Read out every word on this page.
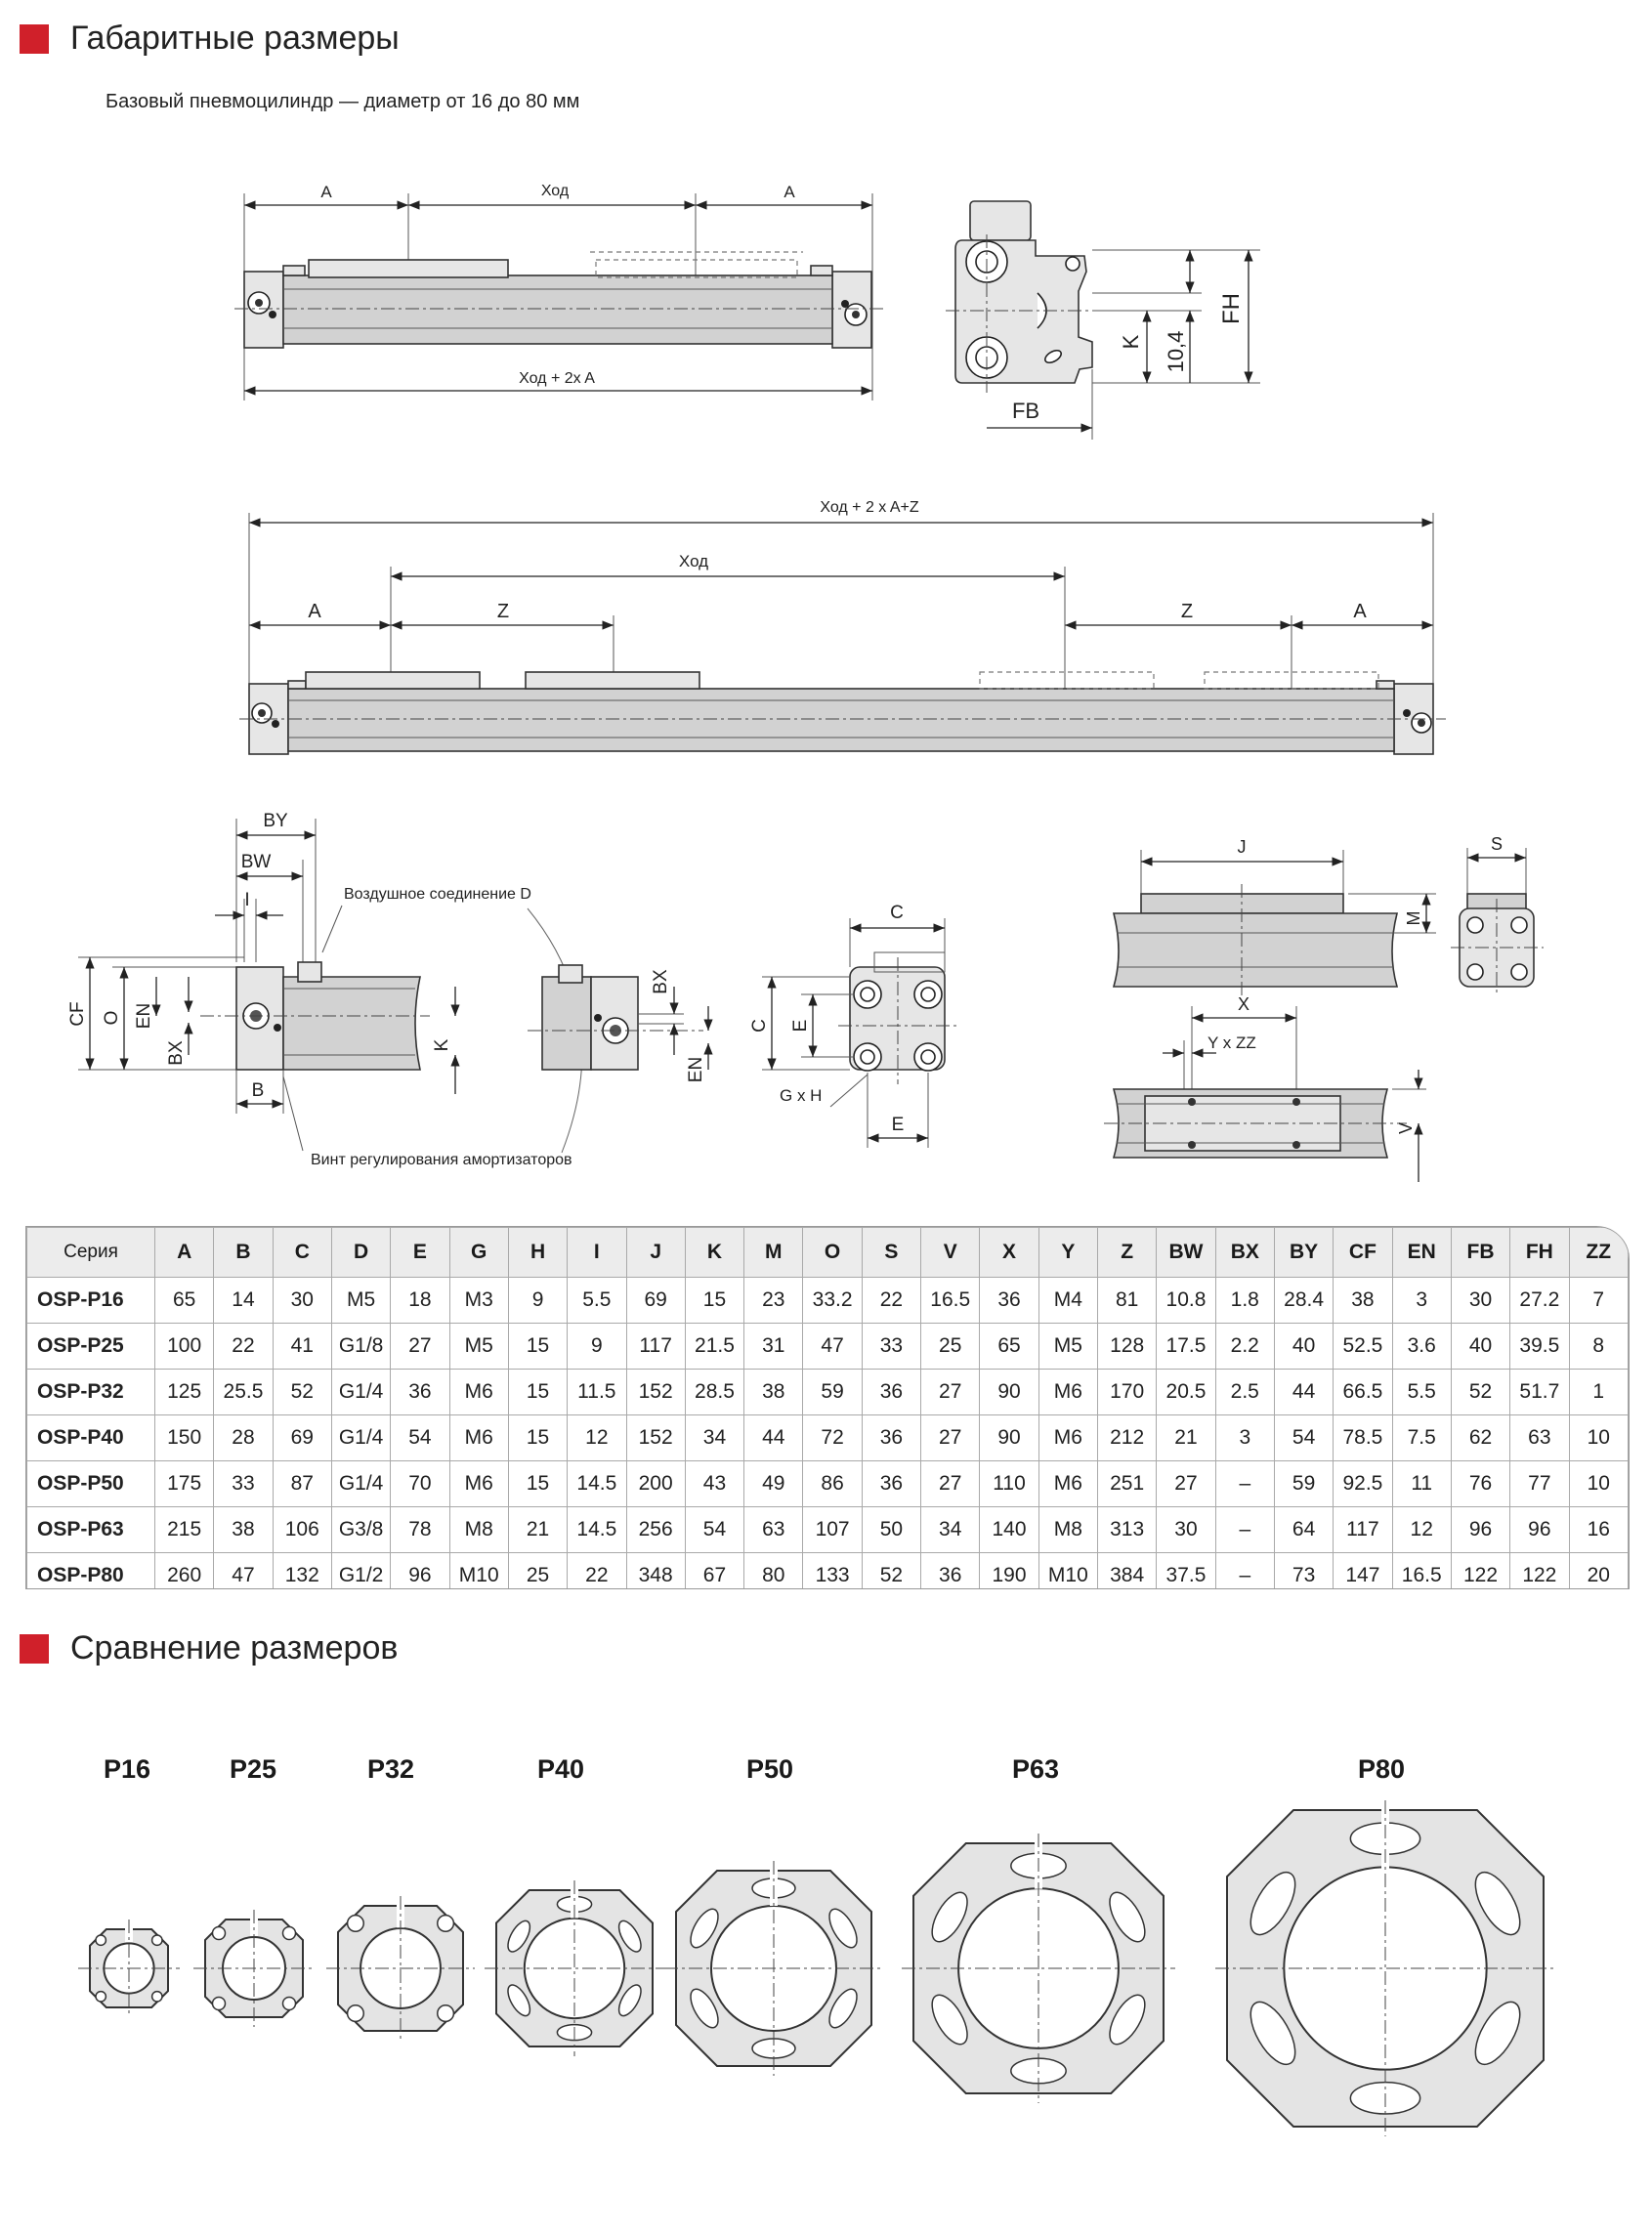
Габаритные размеры
Базовый пневмоцилиндр — диаметр от 16 до 80 мм
A	Ход	A
Ход + 2x A
FH
10,4
K
FB
Ход + 2 x A+Z
Ход
A	Z	Z	A
BY
BW
I	Воздушное соединение D
CF O EN
BX
B
K
Винт регулирования амортизаторов
BX
EN
C
C E
G x H
E
J
M
S
X
Y x ZZ
V
Серия	A	B	C	D	E	G	H	I	J	K	M	O	S	V	X	Y	Z	BW	BX	BY	CF	EN	FB	FH	ZZ
OSP-P16	65	14	30	M5	18	M3	9	5.5	69	15	23	33.2	22	16.5	36	M4	81	10.8	1.8	28.4	38	3	30	27.2	7
OSP-P25	100	22	41	G1/8	27	M5	15	9	117	21.5	31	47	33	25	65	M5	128	17.5	2.2	40	52.5	3.6	40	39.5	8
OSP-P32	125	25.5	52	G1/4	36	M6	15	11.5	152	28.5	38	59	36	27	90	M6	170	20.5	2.5	44	66.5	5.5	52	51.7	1
OSP-P40	150	28	69	G1/4	54	M6	15	12	152	34	44	72	36	27	90	M6	212	21	3	54	78.5	7.5	62	63	10
OSP-P50	175	33	87	G1/4	70	M6	15	14.5	200	43	49	86	36	27	110	M6	251	27	–	59	92.5	11	76	77	10
OSP-P63	215	38	106	G3/8	78	M8	21	14.5	256	54	63	107	50	34	140	M8	313	30	–	64	117	12	96	96	16
OSP-P80	260	47	132	G1/2	96	M10	25	22	348	67	80	133	52	36	190	M10	384	37.5	–	73	147	16.5	122	122	20
Сравнение размеров
P16	P25	P32	P40	P50	P63	P80
